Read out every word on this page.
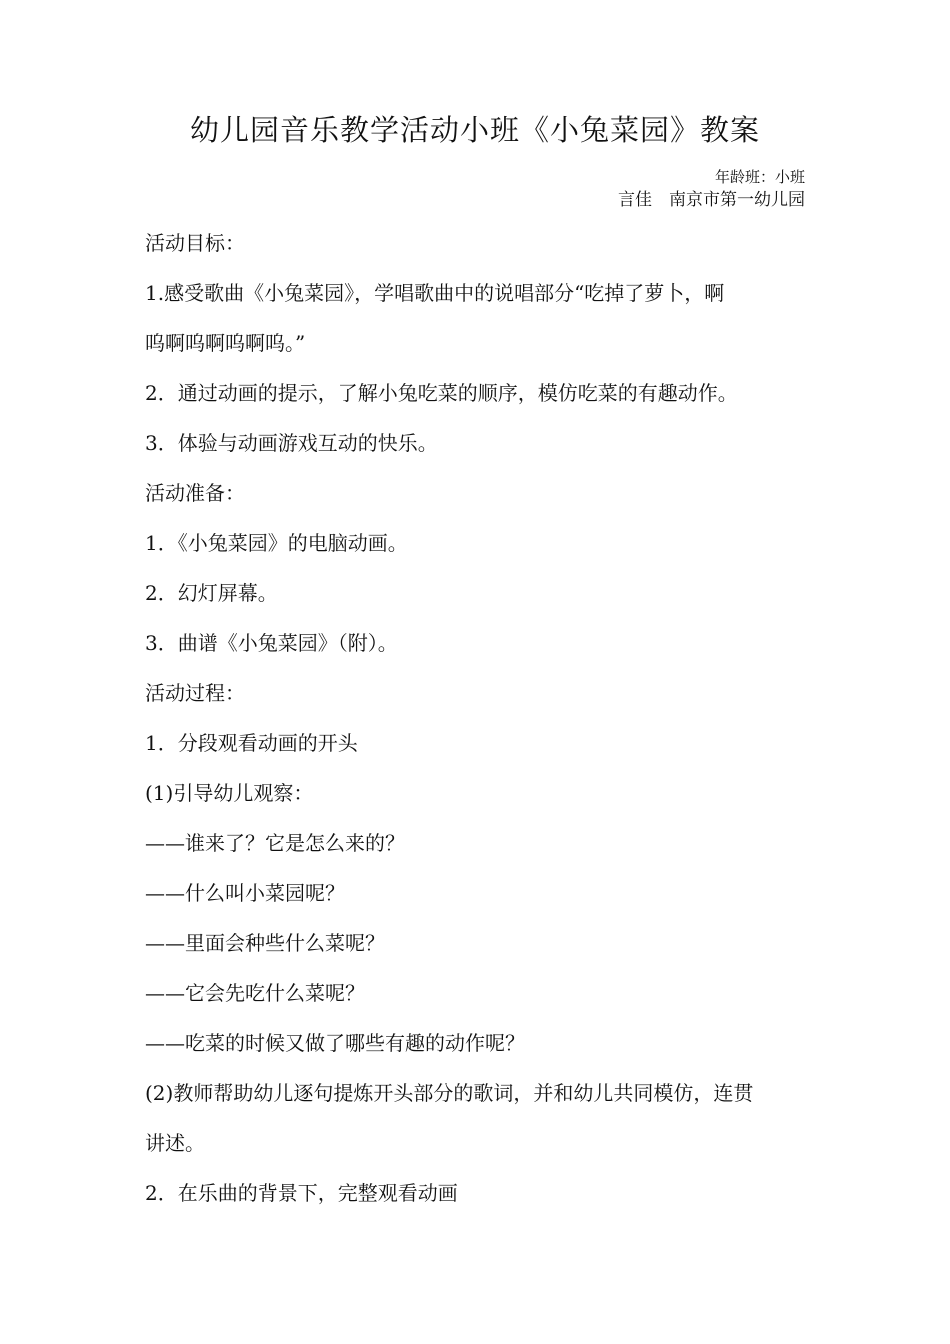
幼儿园音乐教学活动小班《小兔菜园》教案
年龄班：小班
言佳　南京市第一幼儿园
活动目标：
1.感受歌曲《小兔菜园》，学唱歌曲中的说唱部分“吃掉了萝卜，啊
呜啊呜啊呜啊呜。”
2．通过动画的提示，了解小兔吃菜的顺序，模仿吃菜的有趣动作。
3．体验与动画游戏互动的快乐。
活动准备：
1．《小兔菜园》的电脑动画。
2．幻灯屏幕。
3．曲谱《小兔菜园》（附）。
活动过程：
1．分段观看动画的开头
(1)引导幼儿观察：
——谁来了？它是怎么来的？
——什么叫小菜园呢？
——里面会种些什么菜呢？
——它会先吃什么菜呢？
——吃菜的时候又做了哪些有趣的动作呢？
(2)教师帮助幼儿逐句提炼开头部分的歌词，并和幼儿共同模仿，连贯
讲述。
2．在乐曲的背景下，完整观看动画
